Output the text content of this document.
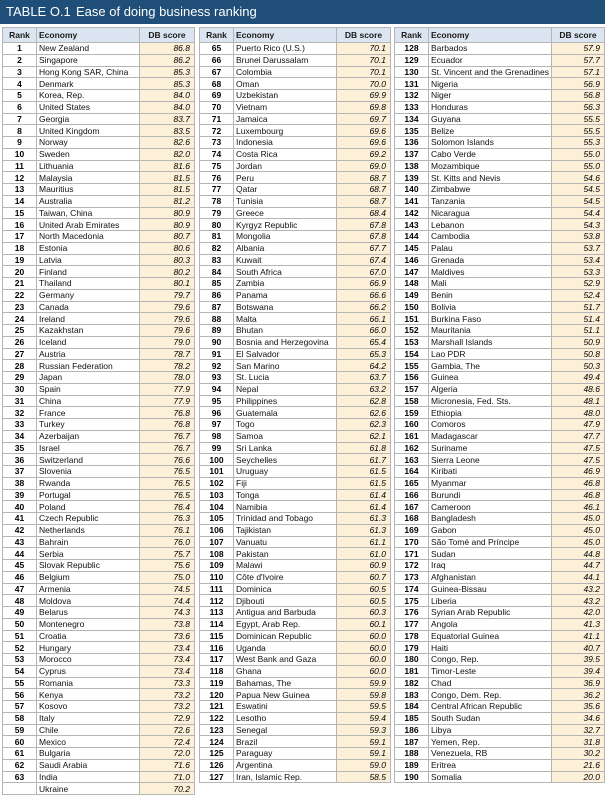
TABLE O.1 Ease of doing business ranking
Rank	Economy	DB score
1	New Zealand	86.8
2	Singapore	86.2
3	Hong Kong SAR, China	85.3
4	Denmark	85.3
5	Korea, Rep.	84.0
6	United States	84.0
7	Georgia	83.7
8	United Kingdom	83.5
9	Norway	82.6
10	Sweden	82.0
11	Lithuania	81.6
12	Malaysia	81.5
13	Mauritius	81.5
14	Australia	81.2
15	Taiwan, China	80.9
16	United Arab Emirates	80.9
17	North Macedonia	80.7
18	Estonia	80.6
19	Latvia	80.3
20	Finland	80.2
21	Thailand	80.1
22	Germany	79.7
23	Canada	79.6
24	Ireland	79.6
25	Kazakhstan	79.6
26	Iceland	79.0
27	Austria	78.7
28	Russian Federation	78.2
29	Japan	78.0
30	Spain	77.9
31	China	77.9
32	France	76.8
33	Turkey	76.8
34	Azerbaijan	76.7
35	Israel	76.7
36	Switzerland	76.6
37	Slovenia	76.5
38	Rwanda	76.5
39	Portugal	76.5
40	Poland	76.4
41	Czech Republic	76.3
42	Netherlands	76.1
43	Bahrain	76.0
44	Serbia	75.7
45	Slovak Republic	75.6
46	Belgium	75.0
47	Armenia	74.5
48	Moldova	74.4
49	Belarus	74.3
50	Montenegro	73.8
51	Croatia	73.6
52	Hungary	73.4
53	Morocco	73.4
54	Cyprus	73.4
55	Romania	73.3
56	Kenya	73.2
57	Kosovo	73.2
58	Italy	72.9
59	Chile	72.6
60	Mexico	72.4
61	Bulgaria	72.0
62	Saudi Arabia	71.6
63	India	71.0
	Ukraine	70.2
Rank	Economy	DB score
65	Puerto Rico (U.S.)	70.1
66	Brunei Darussalam	70.1
67	Colombia	70.1
68	Oman	70.0
69	Uzbekistan	69.9
70	Vietnam	69.8
71	Jamaica	69.7
72	Luxembourg	69.6
73	Indonesia	69.6
74	Costa Rica	69.2
75	Jordan	69.0
76	Peru	68.7
77	Qatar	68.7
78	Tunisia	68.7
79	Greece	68.4
80	Kyrgyz Republic	67.8
81	Mongolia	67.8
82	Albania	67.7
83	Kuwait	67.4
84	South Africa	67.0
85	Zambia	66.9
86	Panama	66.6
87	Botswana	66.2
88	Malta	66.1
89	Bhutan	66.0
90	Bosnia and Herzegovina	65.4
91	El Salvador	65.3
92	San Marino	64.2
93	St. Lucia	63.7
94	Nepal	63.2
95	Philippines	62.8
96	Guatemala	62.6
97	Togo	62.3
98	Samoa	62.1
99	Sri Lanka	61.8
100	Seychelles	61.7
101	Uruguay	61.5
102	Fiji	61.5
103	Tonga	61.4
104	Namibia	61.4
105	Trinidad and Tobago	61.3
106	Tajikistan	61.3
107	Vanuatu	61.1
108	Pakistan	61.0
109	Malawi	60.9
110	Côte d'Ivoire	60.7
111	Dominica	60.5
112	Djibouti	60.5
113	Antigua and Barbuda	60.3
114	Egypt, Arab Rep.	60.1
115	Dominican Republic	60.0
116	Uganda	60.0
117	West Bank and Gaza	60.0
118	Ghana	60.0
119	Bahamas, The	59.9
120	Papua New Guinea	59.8
121	Eswatini	59.5
122	Lesotho	59.4
123	Senegal	59.3
124	Brazil	59.1
125	Paraguay	59.1
126	Argentina	59.0
127	Iran, Islamic Rep.	58.5
Rank	Economy	DB score
128	Barbados	57.9
129	Ecuador	57.7
130	St. Vincent and the Grenadines	57.1
131	Nigeria	56.9
132	Niger	56.8
133	Honduras	56.3
134	Guyana	55.5
135	Belize	55.5
136	Solomon Islands	55.3
137	Cabo Verde	55.0
138	Mozambique	55.0
139	St. Kitts and Nevis	54.6
140	Zimbabwe	54.5
141	Tanzania	54.5
142	Nicaragua	54.4
143	Lebanon	54.3
144	Cambodia	53.8
145	Palau	53.7
146	Grenada	53.4
147	Maldives	53.3
148	Mali	52.9
149	Benin	52.4
150	Bolivia	51.7
151	Burkina Faso	51.4
152	Mauritania	51.1
153	Marshall Islands	50.9
154	Lao PDR	50.8
155	Gambia, The	50.3
156	Guinea	49.4
157	Algeria	48.6
158	Micronesia, Fed. Sts.	48.1
159	Ethiopia	48.0
160	Comoros	47.9
161	Madagascar	47.7
162	Suriname	47.5
163	Sierra Leone	47.5
164	Kiribati	46.9
165	Myanmar	46.8
166	Burundi	46.8
167	Cameroon	46.1
168	Bangladesh	45.0
169	Gabon	45.0
170	São Tomé and Príncipe	45.0
171	Sudan	44.8
172	Iraq	44.7
173	Afghanistan	44.1
174	Guinea-Bissau	43.2
175	Liberia	43.2
176	Syrian Arab Republic	42.0
177	Angola	41.3
178	Equatorial Guinea	41.1
179	Haiti	40.7
180	Congo, Rep.	39.5
181	Timor-Leste	39.4
182	Chad	36.9
183	Congo, Dem. Rep.	36.2
184	Central African Republic	35.6
185	South Sudan	34.6
186	Libya	32.7
187	Yemen, Rep.	31.8
188	Venezuela, RB	30.2
189	Eritrea	21.6
190	Somalia	20.0
